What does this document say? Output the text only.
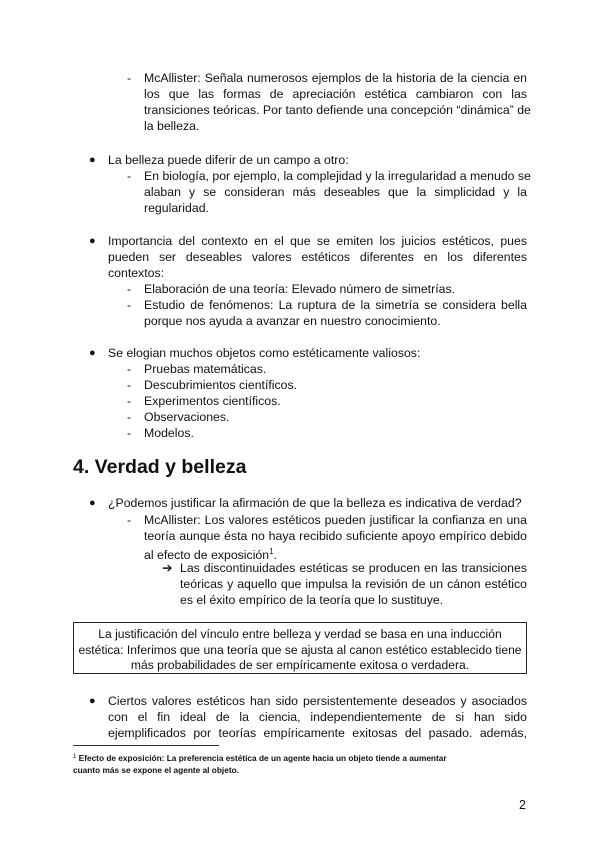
- McAllister: Señala numerosos ejemplos de la historia de la ciencia en
los que las formas de apreciación estética cambiaron con las
transiciones teóricas. Por tanto defiende una concepción “dinámica” de
la belleza.
● La belleza puede diferir de un campo a otro:
- En biología, por ejemplo, la complejidad y la irregularidad a menudo se
alaban y se consideran más deseables que la simplicidad y la
regularidad.
● Importancia del contexto en el que se emiten los juicios estéticos, pues
pueden ser deseables valores estéticos diferentes en los diferentes
contextos:
- Elaboración de una teoría: Elevado número de simetrías.
- Estudio de fenómenos: La ruptura de la simetría se considera bella
porque nos ayuda a avanzar en nuestro conocimiento.
● Se elogian muchos objetos como estéticamente valiosos:
- Pruebas matemáticas.
- Descubrimientos científicos.
- Experimentos científicos.
- Observaciones.
- Modelos.
4. Verdad y belleza
● ¿Podemos justificar la afirmación de que la belleza es indicativa de verdad?
- McAllister: Los valores estéticos pueden justificar la confianza en una
teoría aunque ésta no haya recibido suficiente apoyo empírico debido
al efecto de exposición$^1$.
➔ Las discontinuidades estéticas se producen en las transiciones
teóricas y aquello que impulsa la revisión de un cánon estético
es el éxito empírico de la teoría que lo sustituye.
La justificación del vínculo entre belleza y verdad se basa en una inducción
estética: Inferimos que una teoría que se ajusta al canon estético establecido tiene
más probabilidades de ser empíricamente exitosa o verdadera.
● Ciertos valores estéticos han sido persistentemente deseados y asociados
con el fin ideal de la ciencia, independientemente de si han sido
ejemplificados por teorías empíricamente exitosas del pasado. además,
$^1$ Efecto de exposición: La preferencia estética de un agente hacia un objeto tiende a aumentar
cuanto más se expone el agente al objeto.
2
